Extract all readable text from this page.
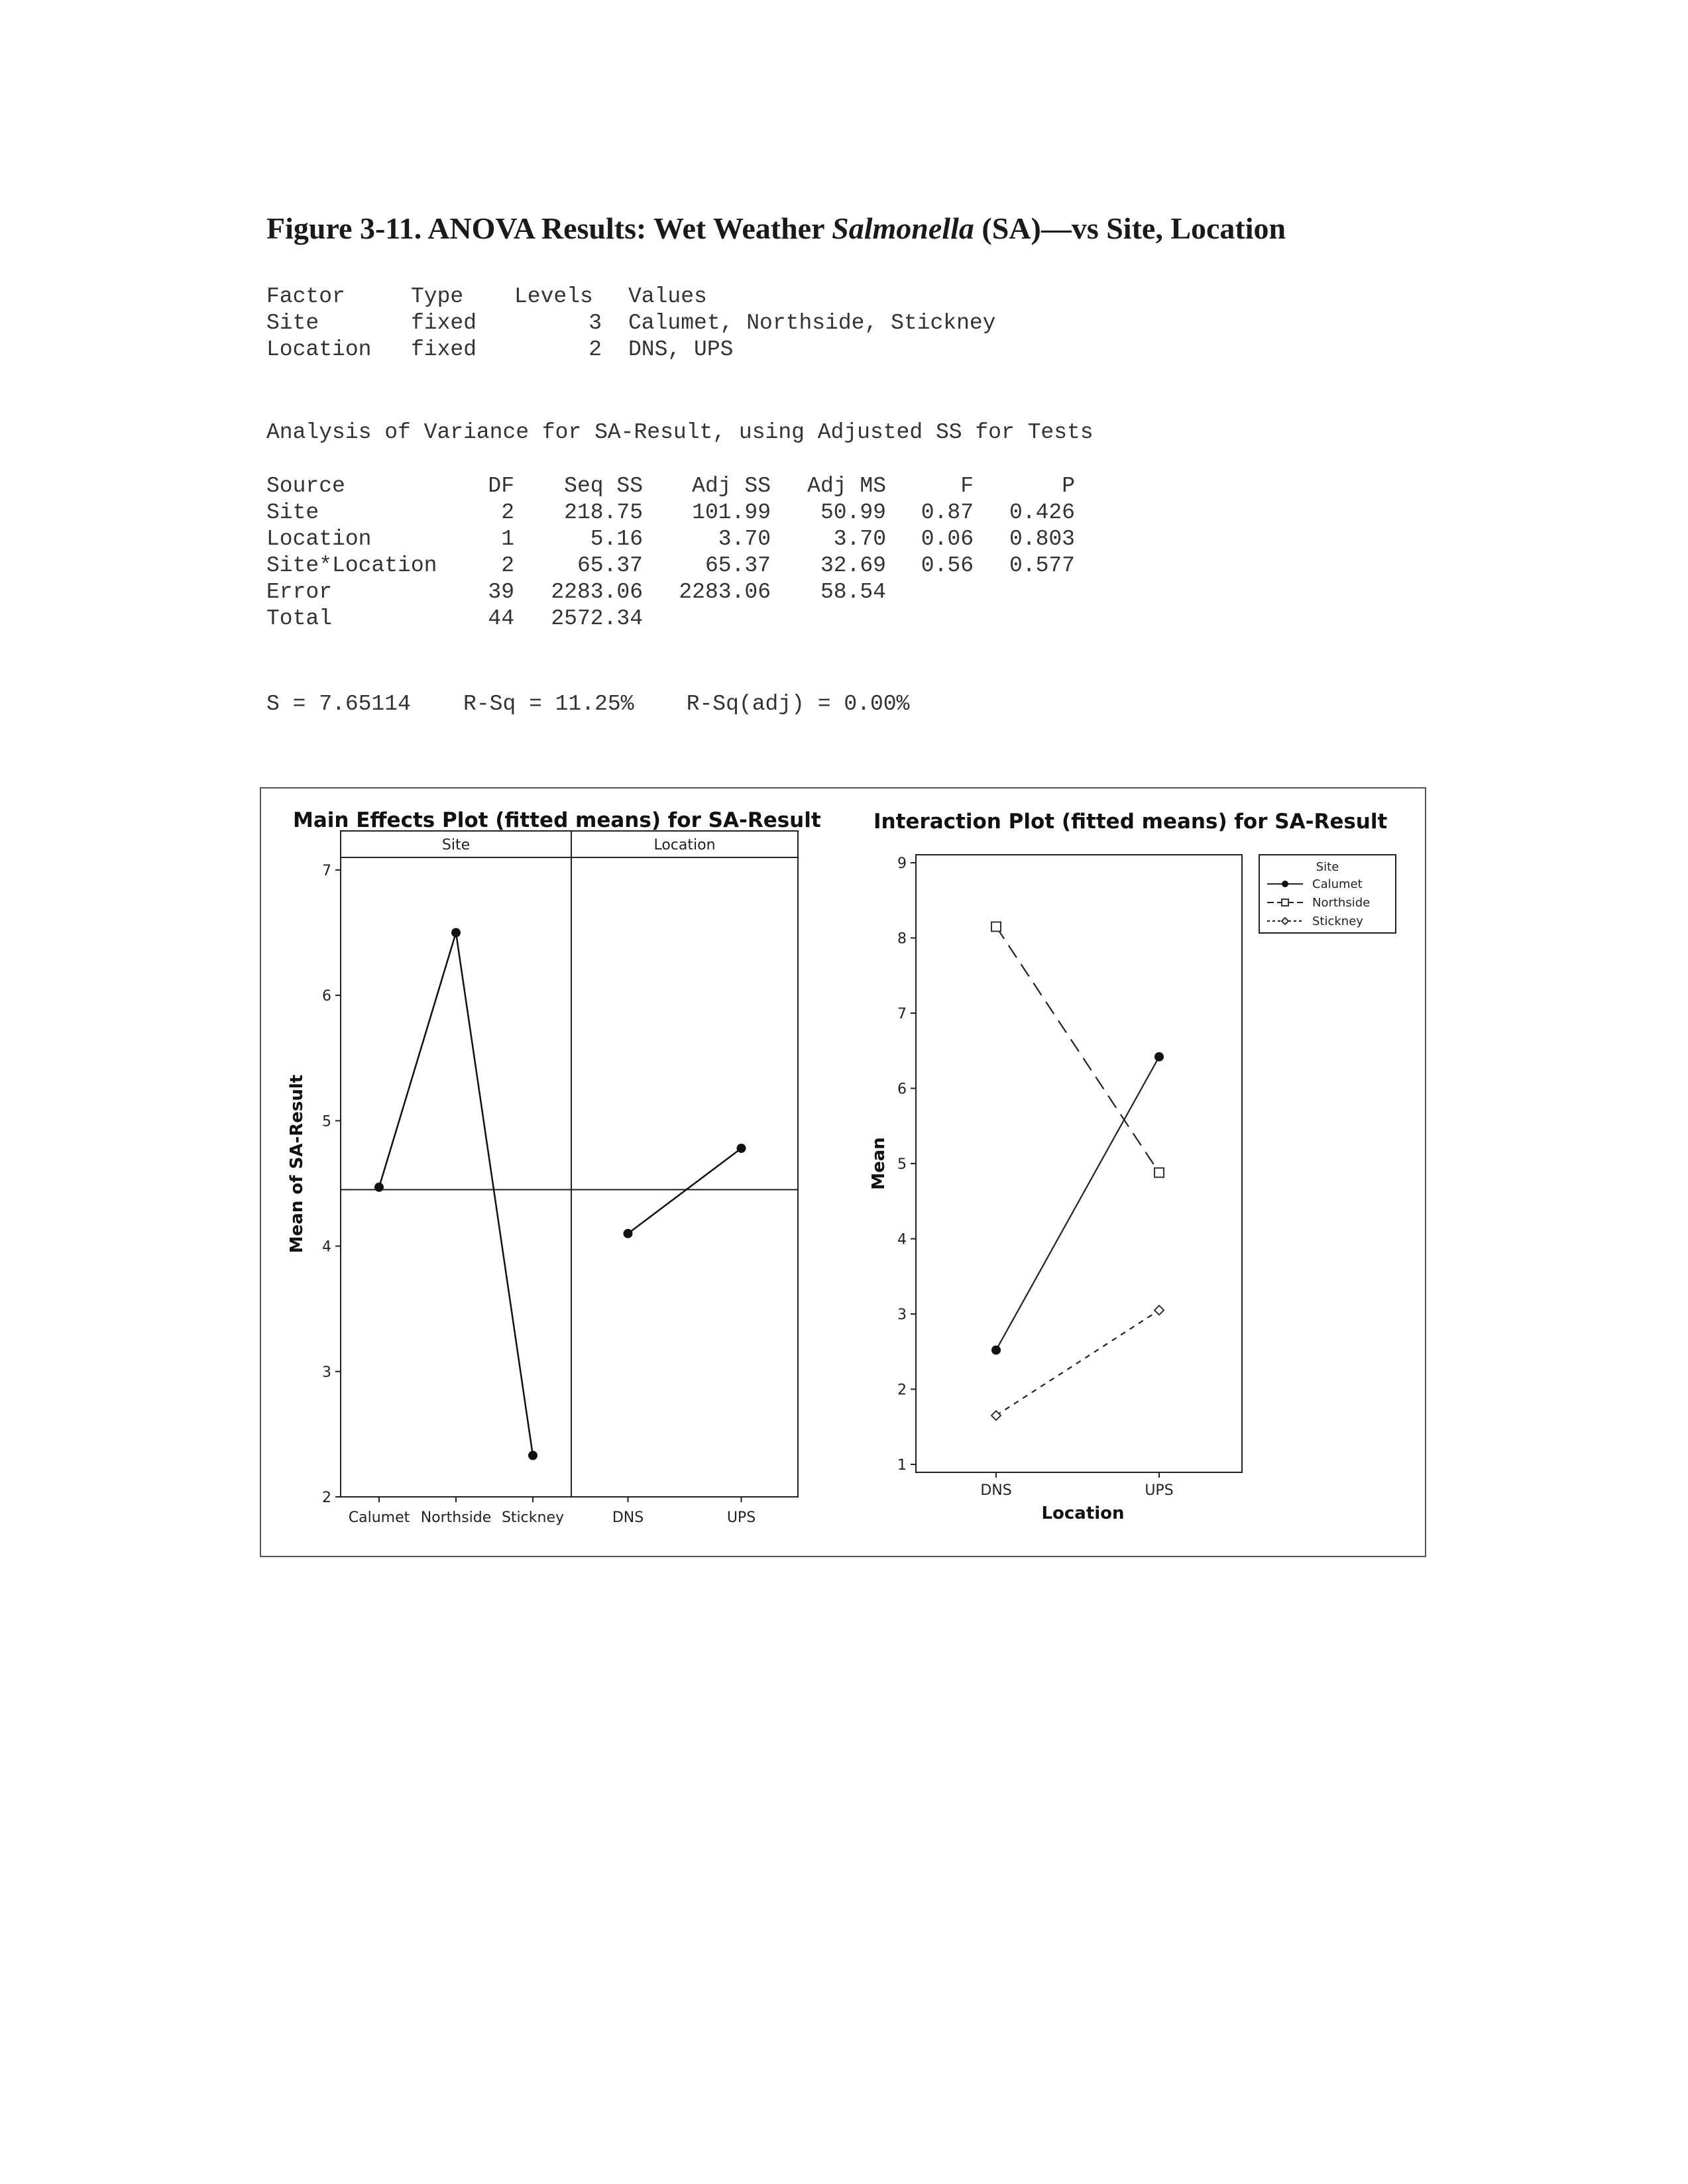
Figure 3-11. ANOVA Results: Wet Weather Salmonella (SA)—vs Site, Location
Factor	Type	Levels	Values
Site	fixed	3	Calumet, Northside, Stickney
Location	fixed	2	DNS, UPS
Analysis of Variance for SA-Result, using Adjusted SS for Tests
Source	DF	Seq SS	Adj SS	Adj MS	F	P
Site	2	218.75	101.99	50.99	0.87	0.426
Location	1	5.16	3.70	3.70	0.06	0.803
Site*Location	2	65.37	65.37	32.69	0.56	0.577
Error	39	2283.06	2283.06	58.54		
Total	44	2572.34				
S = 7.65114    R-Sq = 11.25%    R-Sq(adj) = 0.00%
Main Effects Plot (fitted means) for SA-Result
2
3
4
5
6
7
Mean of SA-Result
Site
Calumet Northside Stickney
Location
DNS	UPS
Interaction Plot (fitted means) for SA-Result
1
2
3
4
5
6
7
8
9
Mean
DNS	UPS
Location
Site
Calumet
Northside
Stickney
